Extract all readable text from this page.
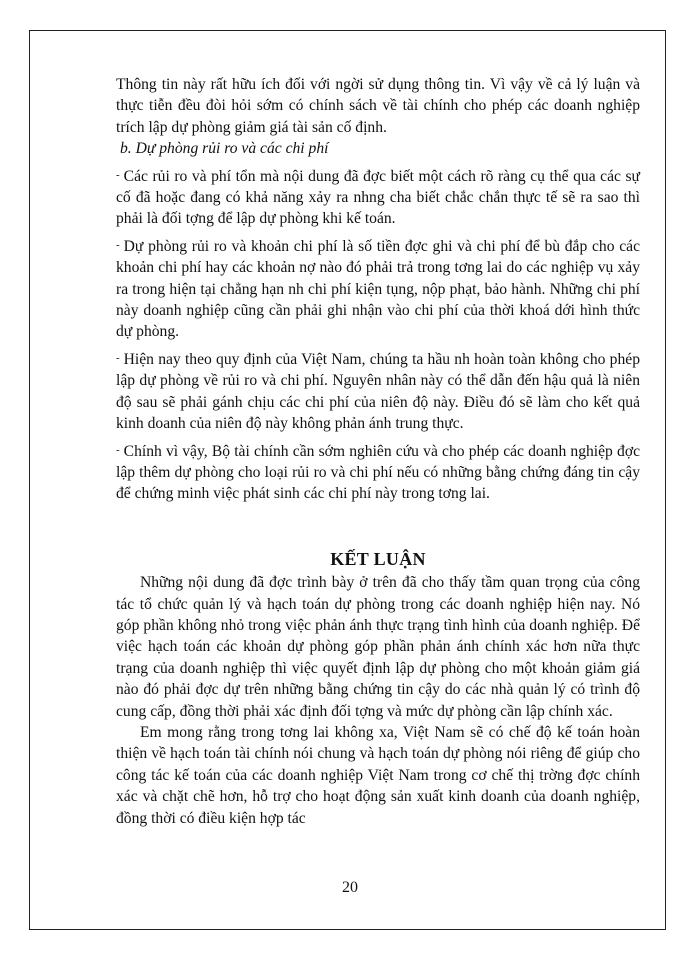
Thông tin này rất hữu ích đối với ngời sử dụng thông tin. Vì vậy về cả lý luận và thực tiễn đều đòi hỏi sớm có chính sách về tài chính cho phép các doanh nghiệp trích lập dự phòng giảm giá tài sản cố định.

b. Dự phòng rủi ro và các chi phí

- Các rủi ro và phí tổn mà nội dung đã đợc biết một cách rõ ràng cụ thể qua các sự cố đã hoặc đang có khả năng xảy ra nhng cha biết chắc chắn thực tế sẽ ra sao thì phải là đối tợng để lập dự phòng khi kế toán.

- Dự phòng rủi ro và khoản chi phí là số tiền đợc ghi và chi phí để bù đắp cho các khoản chi phí hay các khoản nợ nào đó phải trả trong tơng lai do các nghiệp vụ xảy ra trong hiện tại chẳng hạn nh chi phí kiện tụng, nộp phạt, bảo hành. Những chi phí này doanh nghiệp cũng cần phải ghi nhận vào chi phí của thời khoá dới hình thức dự phòng.

- Hiện nay theo quy định của Việt Nam, chúng ta hầu nh hoàn toàn không cho phép lập dự phòng về rủi ro và chi phí. Nguyên nhân này có thể dẫn đến hậu quả là niên độ sau sẽ phải gánh chịu các chi phí của niên độ này. Điều đó sẽ làm cho kết quả kinh doanh của niên độ này không phản ánh trung thực.

- Chính vì vậy, Bộ tài chính cần sớm nghiên cứu và cho phép các doanh nghiệp đợc lập thêm dự phòng cho loại rủi ro và chi phí nếu có những bằng chứng đáng tin cậy để chứng minh việc phát sinh các chi phí này trong tơng lai.

KẾT LUẬN

Những nội dung đã đợc trình bày ở trên đã cho thấy tầm quan trọng của công tác tổ chức quản lý và hạch toán dự phòng trong các doanh nghiệp hiện nay. Nó góp phần không nhỏ trong việc phản ánh thực trạng tình hình của doanh nghiệp. Để việc hạch toán các khoản dự phòng góp phần phản ánh chính xác hơn nữa thực trạng của doanh nghiệp thì việc quyết định lập dự phòng cho một khoản giảm giá nào đó phải đợc dự trên những bằng chứng tin cậy do các nhà quản lý có trình độ cung cấp, đồng thời phải xác định đối tợng và mức dự phòng cần lập chính xác.

Em mong rằng trong tơng lai không xa, Việt Nam sẽ có chế độ kế toán hoàn thiện về hạch toán tài chính nói chung và hạch toán dự phòng nói riêng để giúp cho công tác kế toán của các doanh nghiệp Việt Nam trong cơ chế thị trờng đợc chính xác và chặt chẽ hơn, hỗ trợ cho hoạt động sản xuất kinh doanh của doanh nghiệp, đồng thời có điều kiện hợp tác

20
